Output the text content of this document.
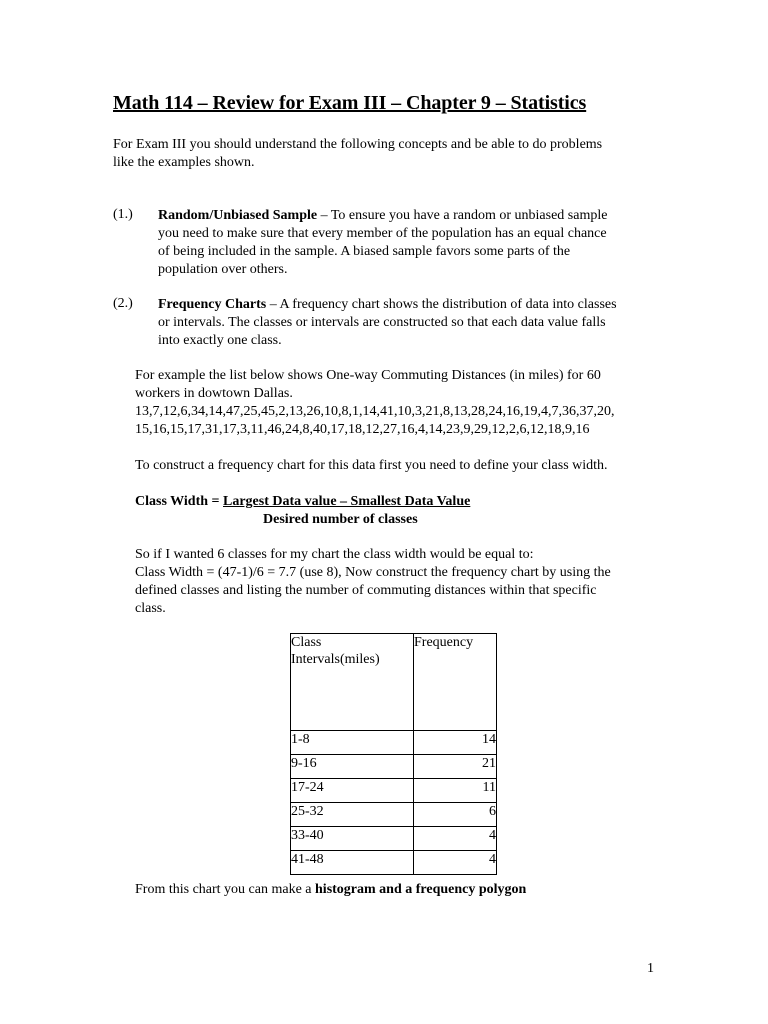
Math 114 – Review for Exam III – Chapter 9 – Statistics
For Exam III you should understand the following concepts and be able to do problems
like the examples shown.
(1.)	Random/Unbiased Sample – To ensure you have a random or unbiased sample
you need to make sure that every member of the population has an equal chance
of being included in the sample. A biased sample favors some parts of the
population over others.
(2.)	Frequency Charts – A frequency chart shows the distribution of data into classes
or intervals. The classes or intervals are constructed so that each data value falls
into exactly one class.
For example the list below shows One-way Commuting Distances (in miles) for 60
workers in dowtown Dallas.
13,7,12,6,34,14,47,25,45,2,13,26,10,8,1,14,41,10,3,21,8,13,28,24,16,19,4,7,36,37,20,
15,16,15,17,31,17,3,11,46,24,8,40,17,18,12,27,16,4,14,23,9,29,12,2,6,12,18,9,16
To construct a frequency chart for this data first you need to define your class width.
Class Width = Largest Data value – Smallest Data Value
Desired number of classes
So if I wanted 6 classes for my chart the class width would be equal to:
Class Width = (47-1)/6 = 7.7 (use 8), Now construct the frequency chart by using the
defined classes and listing the number of commuting distances within that specific
class.
Class
Intervals(miles)	Frequency
1-8	14
9-16	21
17-24	11
25-32	6
33-40	4
41-48	4
From this chart you can make a histogram and a frequency polygon
1
